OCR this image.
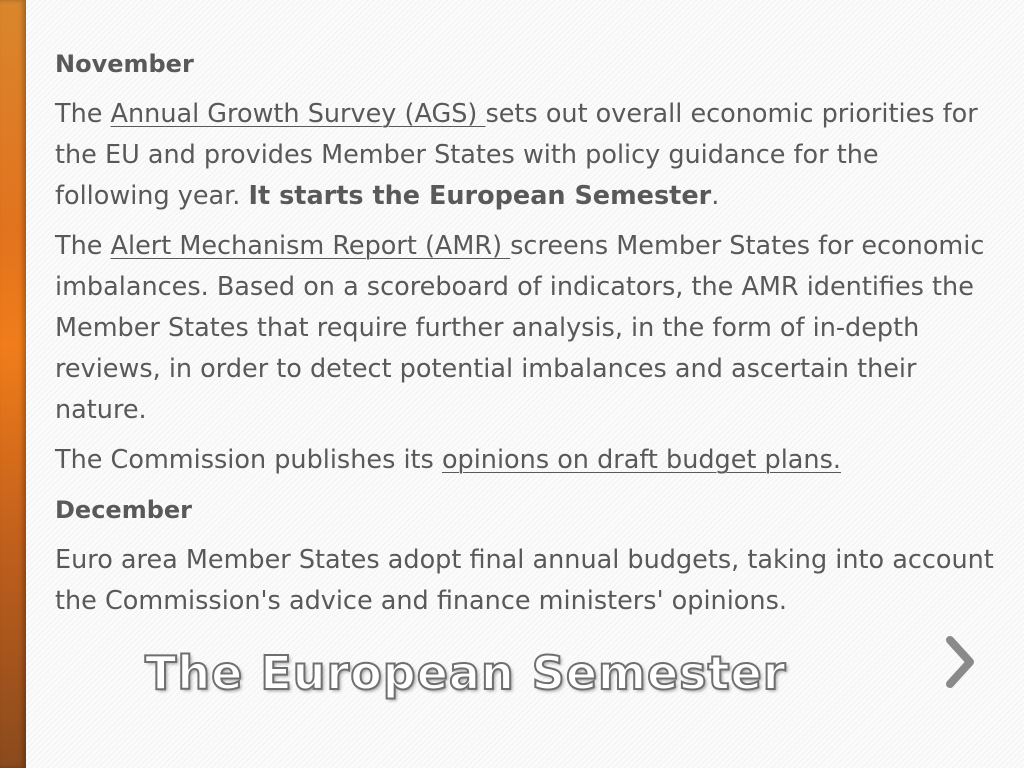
November

The Annual Growth Survey (AGS) sets out overall economic priorities for the EU and provides Member States with policy guidance for the following year. It starts the European Semester.

The Alert Mechanism Report (AMR) screens Member States for economic imbalances. Based on a scoreboard of indicators, the AMR identifies the Member States that require further analysis, in the form of in-depth reviews, in order to detect potential imbalances and ascertain their nature.

The Commission publishes its opinions on draft budget plans.

December

Euro area Member States adopt final annual budgets, taking into account the Commission's advice and finance ministers' opinions.

The European Semester
